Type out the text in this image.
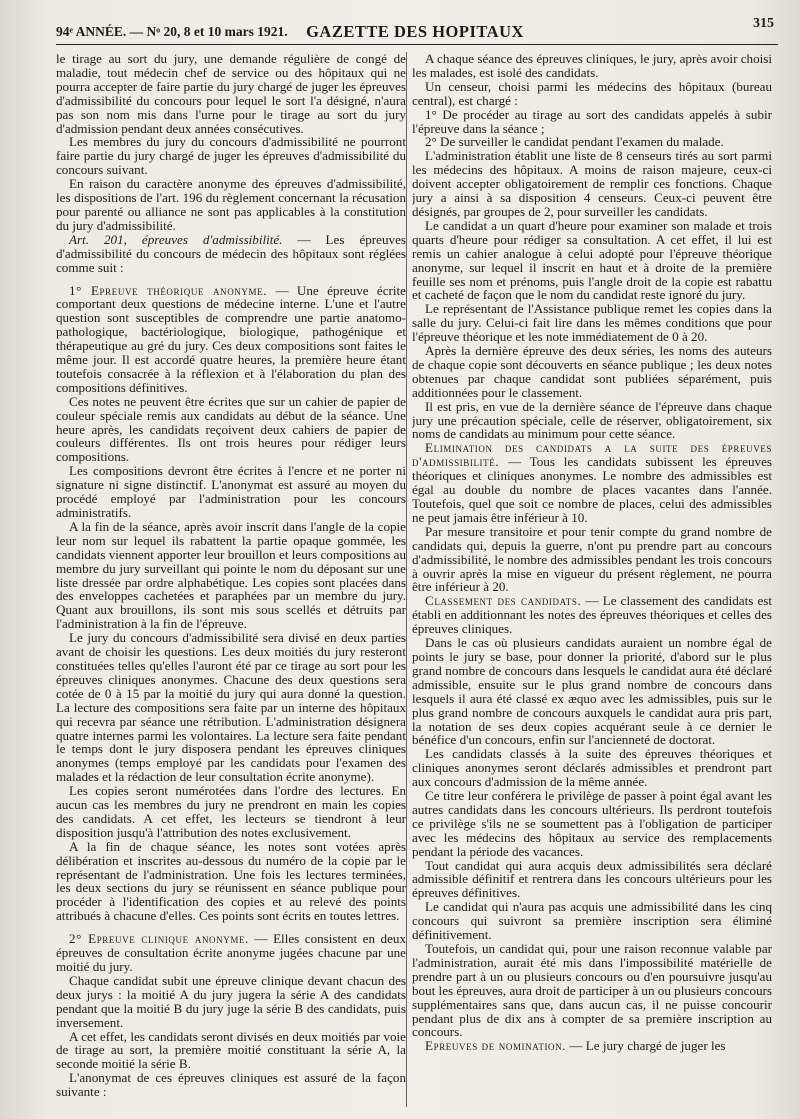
94ᵉ ANNÉE. — Nᵒ 20, 8 et 10 mars 1921.	GAZETTE DES HOPITAUX	315

le tirage au sort du jury, une demande régulière de congé de maladie, tout médecin chef de service ou des hôpitaux qui ne pourra accepter de faire partie du jury chargé de juger les épreuves d'admissibilité du concours pour lequel le sort l'a désigné, n'aura pas son nom mis dans l'urne pour le tirage au sort du jury d'admission pendant deux années consécutives.

Les membres du jury du concours d'admissibilité ne pourront faire partie du jury chargé de juger les épreuves d'admissibilité du concours suivant.

En raison du caractère anonyme des épreuves d'admissibilité, les dispositions de l'art. 196 du règlement concernant la récusation pour parenté ou alliance ne sont pas applicables à la constitution du jury d'admissibilité.

Art. 201, épreuves d'admissibilité. — Les épreuves d'admissibilité du concours de médecin des hôpitaux sont réglées comme suit :

1° Epreuve théorique anonyme. — Une épreuve écrite comportant deux questions de médecine interne. L'une et l'autre question sont susceptibles de comprendre une partie anatomo-pathologique, bactériologique, biologique, pathogénique et thérapeutique au gré du jury. Ces deux compositions sont faites le même jour. Il est accordé quatre heures, la première heure étant toutefois consacrée à la réflexion et à l'élaboration du plan des compositions définitives.

Ces notes ne peuvent être écrites que sur un cahier de papier de couleur spéciale remis aux candidats au début de la séance. Une heure après, les candidats reçoivent deux cahiers de papier de couleurs différentes. Ils ont trois heures pour rédiger leurs compositions.

Les compositions devront être écrites à l'encre et ne porter ni signature ni signe distinctif. L'anonymat est assuré au moyen du procédé employé par l'administration pour les concours administratifs.

A la fin de la séance, après avoir inscrit dans l'angle de la copie leur nom sur lequel ils rabattent la partie opaque gommée, les candidats viennent apporter leur brouillon et leurs compositions au membre du jury surveillant qui pointe le nom du déposant sur une liste dressée par ordre alphabétique. Les copies sont placées dans des enveloppes cachetées et paraphées par un membre du jury. Quant aux brouillons, ils sont mis sous scellés et détruits par l'administration à la fin de l'épreuve.

Le jury du concours d'admissibilité sera divisé en deux parties avant de choisir les questions. Les deux moitiés du jury resteront constituées telles qu'elles l'auront été par ce tirage au sort pour les épreuves cliniques anonymes. Chacune des deux questions sera cotée de 0 à 15 par la moitié du jury qui aura donné la question. La lecture des compositions sera faite par un interne des hôpitaux qui recevra par séance une rétribution. L'administration désignera quatre internes parmi les volontaires. La lecture sera faite pendant le temps dont le jury disposera pendant les épreuves cliniques anonymes (temps employé par les candidats pour l'examen des malades et la rédaction de leur consultation écrite anonyme).

Les copies seront numérotées dans l'ordre des lectures. En aucun cas les membres du jury ne prendront en main les copies des candidats. A cet effet, les lecteurs se tiendront à leur disposition jusqu'à l'attribution des notes exclusivement.

A la fin de chaque séance, les notes sont votées après délibération et inscrites au-dessous du numéro de la copie par le représentant de l'administration. Une fois les lectures terminées, les deux sections du jury se réunissent en séance publique pour procéder à l'identification des copies et au relevé des points attribués à chacune d'elles. Ces points sont écrits en toutes lettres.

2° Epreuve clinique anonyme. — Elles consistent en deux épreuves de consultation écrite anonyme jugées chacune par une moitié du jury.

Chaque candidat subit une épreuve clinique devant chacun des deux jurys : la moitié A du jury jugera la série A des candidats pendant que la moitié B du jury juge la série B des candidats, puis inversement.

A cet effet, les candidats seront divisés en deux moitiés par voie de tirage au sort, la première moitié constituant la série A, la seconde moitié la série B.

L'anonymat de ces épreuves cliniques est assuré de la façon suivante :

A chaque séance des épreuves cliniques, le jury, après avoir choisi les malades, est isolé des candidats.

Un censeur, choisi parmi les médecins des hôpitaux (bureau central), est chargé :

1° De procéder au tirage au sort des candidats appelés à subir l'épreuve dans la séance ;

2° De surveiller le candidat pendant l'examen du malade.

L'administration établit une liste de 8 censeurs tirés au sort parmi les médecins des hôpitaux. A moins de raison majeure, ceux-ci doivent accepter obligatoirement de remplir ces fonctions. Chaque jury a ainsi à sa disposition 4 censeurs. Ceux-ci peuvent être désignés, par groupes de 2, pour surveiller les candidats.

Le candidat a un quart d'heure pour examiner son malade et trois quarts d'heure pour rédiger sa consultation. A cet effet, il lui est remis un cahier analogue à celui adopté pour l'épreuve théorique anonyme, sur lequel il inscrit en haut et à droite de la première feuille ses nom et prénoms, puis l'angle droit de la copie est rabattu et cacheté de façon que le nom du candidat reste ignoré du jury.

Le représentant de l'Assistance publique remet les copies dans la salle du jury. Celui-ci fait lire dans les mêmes conditions que pour l'épreuve théorique et les note immédiatement de 0 à 20.

Après la dernière épreuve des deux séries, les noms des auteurs de chaque copie sont découverts en séance publique ; les deux notes obtenues par chaque candidat sont publiées séparément, puis additionnées pour le classement.

Il est pris, en vue de la dernière séance de l'épreuve dans chaque jury une précaution spéciale, celle de réserver, obligatoirement, six noms de candidats au minimum pour cette séance.

Elimination des candidats a la suite des épreuves d'admissibilité. — Tous les candidats subissent les épreuves théoriques et cliniques anonymes. Le nombre des admissibles est égal au double du nombre de places vacantes dans l'année. Toutefois, quel que soit ce nombre de places, celui des admissibles ne peut jamais être inférieur à 10.

Par mesure transitoire et pour tenir compte du grand nombre de candidats qui, depuis la guerre, n'ont pu prendre part au concours d'admissibilité, le nombre des admissibles pendant les trois concours à ouvrir après la mise en vigueur du présent règlement, ne pourra être inférieur à 20.

Classement des candidats. — Le classement des candidats est établi en additionnant les notes des épreuves théoriques et celles des épreuves cliniques.

Dans le cas où plusieurs candidats auraient un nombre égal de points le jury se base, pour donner la priorité, d'abord sur le plus grand nombre de concours dans lesquels le candidat aura été déclaré admissible, ensuite sur le plus grand nombre de concours dans lesquels il aura été classé ex æquo avec les admissibles, puis sur le plus grand nombre de concours auxquels le candidat aura pris part, la notation de ses deux copies acquérant seule à ce dernier le bénéfice d'un concours, enfin sur l'ancienneté de doctorat.

Les candidats classés à la suite des épreuves théoriques et cliniques anonymes seront déclarés admissibles et prendront part aux concours d'admission de la même année.

Ce titre leur conférera le privilège de passer à point égal avant les autres candidats dans les concours ultérieurs. Ils perdront toutefois ce privilège s'ils ne se soumettent pas à l'obligation de participer avec les médecins des hôpitaux au service des remplacements pendant la période des vacances.

Tout candidat qui aura acquis deux admissibilités sera déclaré admissible définitif et rentrera dans les concours ultérieurs pour les épreuves définitives.

Le candidat qui n'aura pas acquis une admissibilité dans les cinq concours qui suivront sa première inscription sera éliminé définitivement.

Toutefois, un candidat qui, pour une raison reconnue valable par l'administration, aurait été mis dans l'impossibilité matérielle de prendre part à un ou plusieurs concours ou d'en poursuivre jusqu'au bout les épreuves, aura droit de participer à un ou plusieurs concours supplémentaires sans que, dans aucun cas, il ne puisse concourir pendant plus de dix ans à compter de sa première inscription au concours.

Epreuves de nomination. — Le jury chargé de juger les
